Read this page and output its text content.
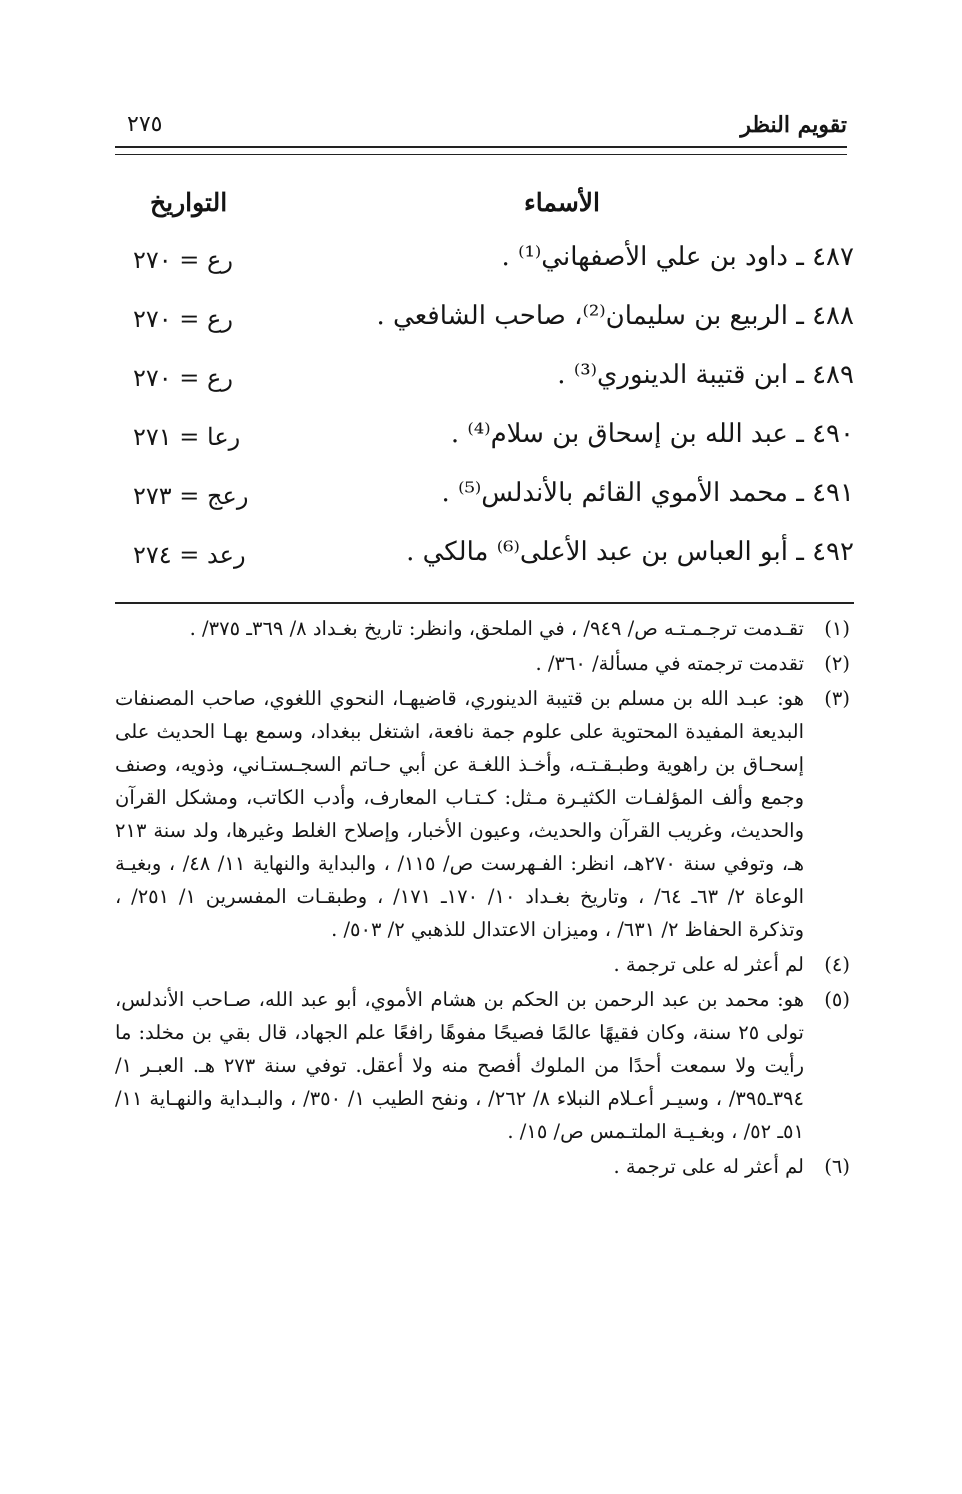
تقويم النظر
٢٧٥
الأسماء
التواريخ
٤٨٧ ـ داود بن علي الأصفهاني⁽¹⁾ .
رع = ٢٧٠
٤٨٨ ـ الربيع بن سليمان⁽²⁾، صاحب الشافعي .
رع = ٢٧٠
٤٨٩ ـ ابن قتيبة الدينوري⁽³⁾ .
رع = ٢٧٠
٤٩٠ ـ عبد الله بن إسحاق بن سلام⁽⁴⁾ .
رعا = ٢٧١
٤٩١ ـ محمد الأموي القائم بالأندلس⁽⁵⁾ .
رعج = ٢٧٣
٤٩٢ ـ أبو العباس بن عبد الأعلى⁽⁶⁾ مالكي .
رعد = ٢٧٤
(١)
تقـدمت ترجـمـتـه ص/ ٩٤٩/ ، في الملحق، وانظر: تاريخ بغـداد ٨/ ٣٦٩ـ ٣٧٥/ .
(٢)
تقدمت ترجمته في مسألة/ ٣٦٠/ .
(٣)
هو: عبـد الله بن مسلم بن قتيبة الدينوري، قاضيهـا، النحوي اللغوي، صاحب المصنفات البديعة المفيدة المحتوية على علوم جمة نافعة، اشتغل ببغداد، وسمع بهـا الحديث على إسحـاق بن راهوية وطبـقـتـه، وأخـذ اللغـة عن أبي حـاتم السجـستـاني، وذويه، وصنف وجمع وألف المؤلفـات الكثيـرة مـثل: كـتـاب المعارف، وأدب الكاتب، ومشكل القرآن والحديث، وغريب القرآن والحديث، وعيون الأخبار، وإصلاح الغلط وغيرها، ولد سنة ٢١٣ هـ، وتوفي سنة ٢٧٠هـ، انظر: الفـهرست ص/ ١١٥/ ، والبداية والنهاية ١١/ ٤٨/ ، وبغيـة الوعاة ٢/ ٦٣ـ ٦٤/ ، وتاريخ بغـداد ١٠/ ١٧٠ـ ١٧١/ ، وطبقـات المفسرين ١/ ٢٥١/ ، وتذكرة الحفاظ ٢/ ٦٣١/ ، وميزان الاعتدال للذهبي ٢/ ٥٠٣/ .
(٤)
لم أعثر له على ترجمة .
(٥)
هو: محمد بن عبد الرحمن بن الحكم بن هشام الأموي، أبو عبد الله، صـاحب الأندلس، تولى ٢٥ سنة، وكان فقيهًا عالمًا فصيحًا مفوهًا رافعًا علم الجهاد، قال بقي بن مخلد: ما رأيت ولا سمعت أحدًا من الملوك أفصح منه ولا أعقل. توفي سنة ٢٧٣ هـ. العبـر ١/ ٣٩٤ـ٣٩٥/ ، وسيـر أعـلام النبلاء ٨/ ٢٦٢/ ، ونفح الطيب ١/ ٣٥٠/ ، والبـداية والنهـاية ١١/ ٥١ـ ٥٢/ ، وبغـيـة الملتـمس ص/ ١٥/ .
(٦)
لم أعثر له على ترجمة .
